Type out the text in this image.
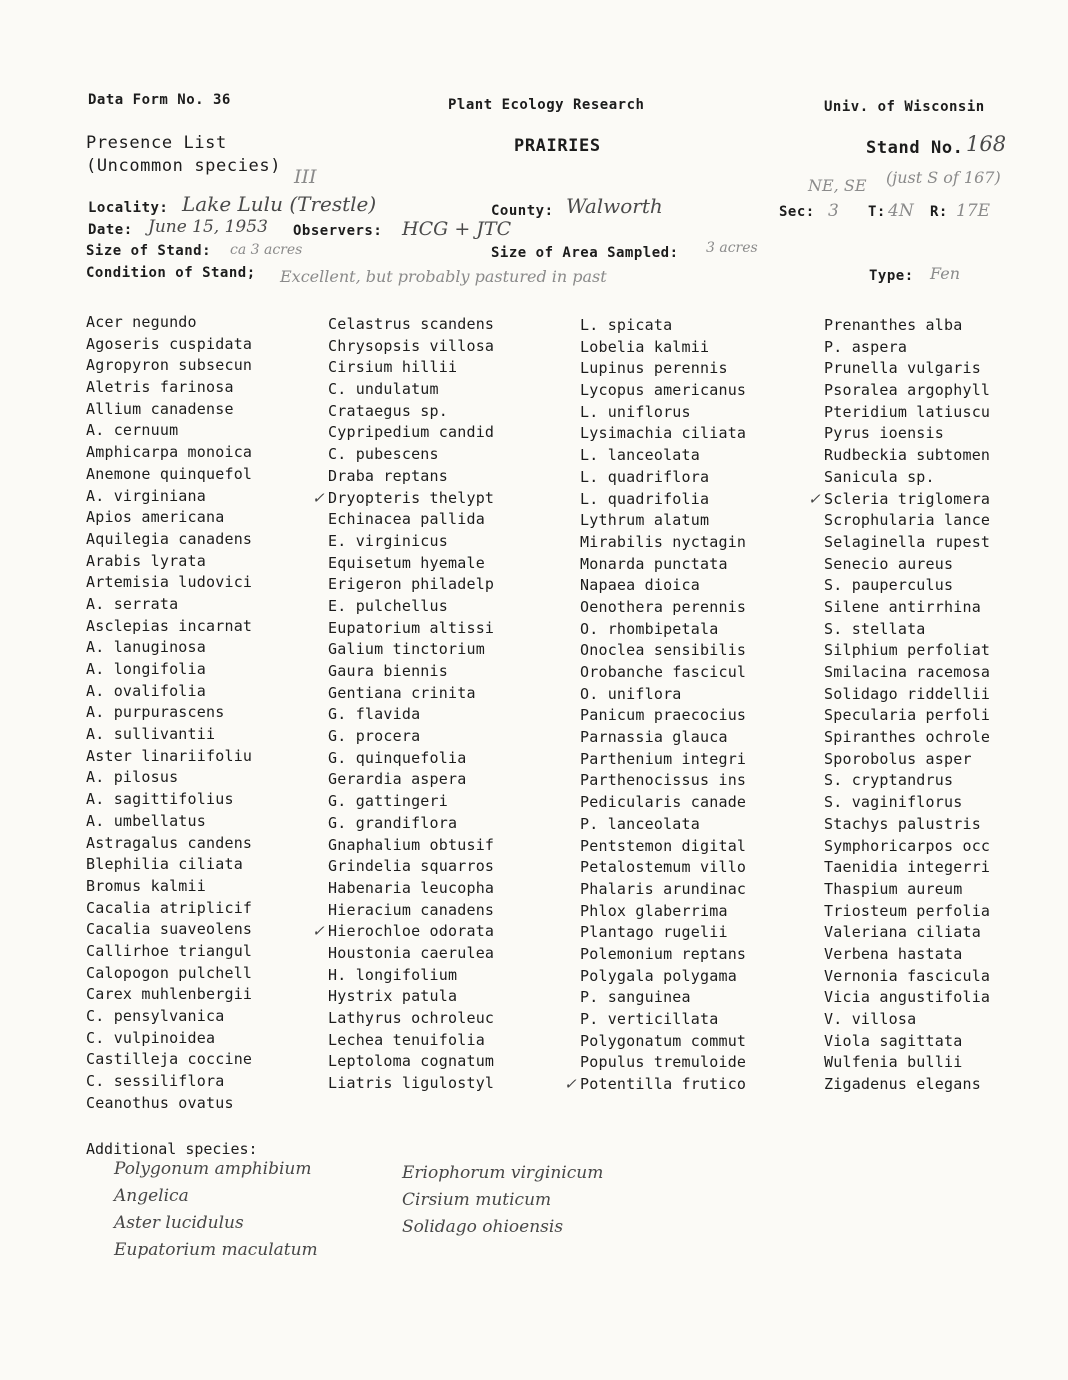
Data Form No. 36	Plant Ecology Research	Univ. of Wisconsin
Presence List
(Uncommon species)
PRAIRIES	Stand No. 168
III	NE, SE (just S of 167)
Locality: Lake Lulu (Trestle)	County: Walworth	Sec: 3 T: 4N R: 17E
Date: June 15, 1953 Observers: HCG + JTC
Size of Stand: ca 3 acres	Size of Area Sampled: 3 acres
Condition of Stand; Excellent, but probably pastured in past	Type: Fen
Acer negundo
Agoseris cuspidata
Agropyron subsecun
Aletris farinosa
Allium canadense
A. cernuum
Amphicarpa monoica
Anemone quinquefol
A. virginiana
Apios americana
Aquilegia canadens
Arabis lyrata
Artemisia ludovici
A. serrata
Asclepias incarnat
A. lanuginosa
A. longifolia
A. ovalifolia
A. purpurascens
A. sullivantii
Aster linariifoliu
A. pilosus
A. sagittifolius
A. umbellatus
Astragalus candens
Blephilia ciliata
Bromus kalmii
Cacalia atriplicif
Cacalia suaveolens
Callirhoe triangul
Calopogon pulchell
Carex muhlenbergii
C. pensylvanica
C. vulpinoidea
Castilleja coccine
C. sessiliflora
Ceanothus ovatus
Celastrus scandens
Chrysopsis villosa
Cirsium hillii
C. undulatum
Crataegus sp.
Cypripedium candid
C. pubescens
Draba reptans
✓ Dryopteris thelypt
Echinacea pallida
E. virginicus
Equisetum hyemale
Erigeron philadelp
E. pulchellus
Eupatorium altissi
Galium tinctorium
Gaura biennis
Gentiana crinita
G. flavida
G. procera
G. quinquefolia
Gerardia aspera
G. gattingeri
G. grandiflora
Gnaphalium obtusif
Grindelia squarros
Habenaria leucopha
Hieracium canadens
✓ Hierochloe odorata
Houstonia caerulea
H. longifolium
Hystrix patula
Lathyrus ochroleuc
Lechea tenuifolia
Leptoloma cognatum
Liatris ligulostyl
L. spicata
Lobelia kalmii
Lupinus perennis
Lycopus americanus
L. uniflorus
Lysimachia ciliata
L. lanceolata
L. quadriflora
L. quadrifolia
Lythrum alatum
Mirabilis nyctagin
Monarda punctata
Napaea dioica
Oenothera perennis
O. rhombipetala
Onoclea sensibilis
Orobanche fascicul
O. uniflora
Panicum praecocius
Parnassia glauca
Parthenium integri
Parthenocissus ins
Pedicularis canade
P. lanceolata
Pentstemon digital
Petalostemum villo
Phalaris arundinac
Phlox glaberrima
Plantago rugelii
Polemonium reptans
Polygala polygama
P. sanguinea
P. verticillata
Polygonatum commut
Populus tremuloide
✓ Potentilla frutico
Prenanthes alba
P. aspera
Prunella vulgaris
Psoralea argophyll
Pteridium latiuscu
Pyrus ioensis
Rudbeckia subtomen
Sanicula sp.
✓ Scleria triglomera
Scrophularia lance
Selaginella rupest
Senecio aureus
S. pauperculus
Silene antirrhina
S. stellata
Silphium perfoliat
Smilacina racemosa
Solidago riddellii
Specularia perfoli
Spiranthes ochrole
Sporobolus asper
S. cryptandrus
S. vaginiflorus
Stachys palustris
Symphoricarpos occ
Taenidia integerri
Thaspium aureum
Triosteum perfolia
Valeriana ciliata
Verbena hastata
Vernonia fascicula
Vicia angustifolia
V. villosa
Viola sagittata
Wulfenia bullii
Zigadenus elegans
Additional species:
Polygonum amphibium
Angelica
Aster lucidulus
Eupatorium maculatum
Eriophorum virginicum
Cirsium muticum
Solidago ohioensis
